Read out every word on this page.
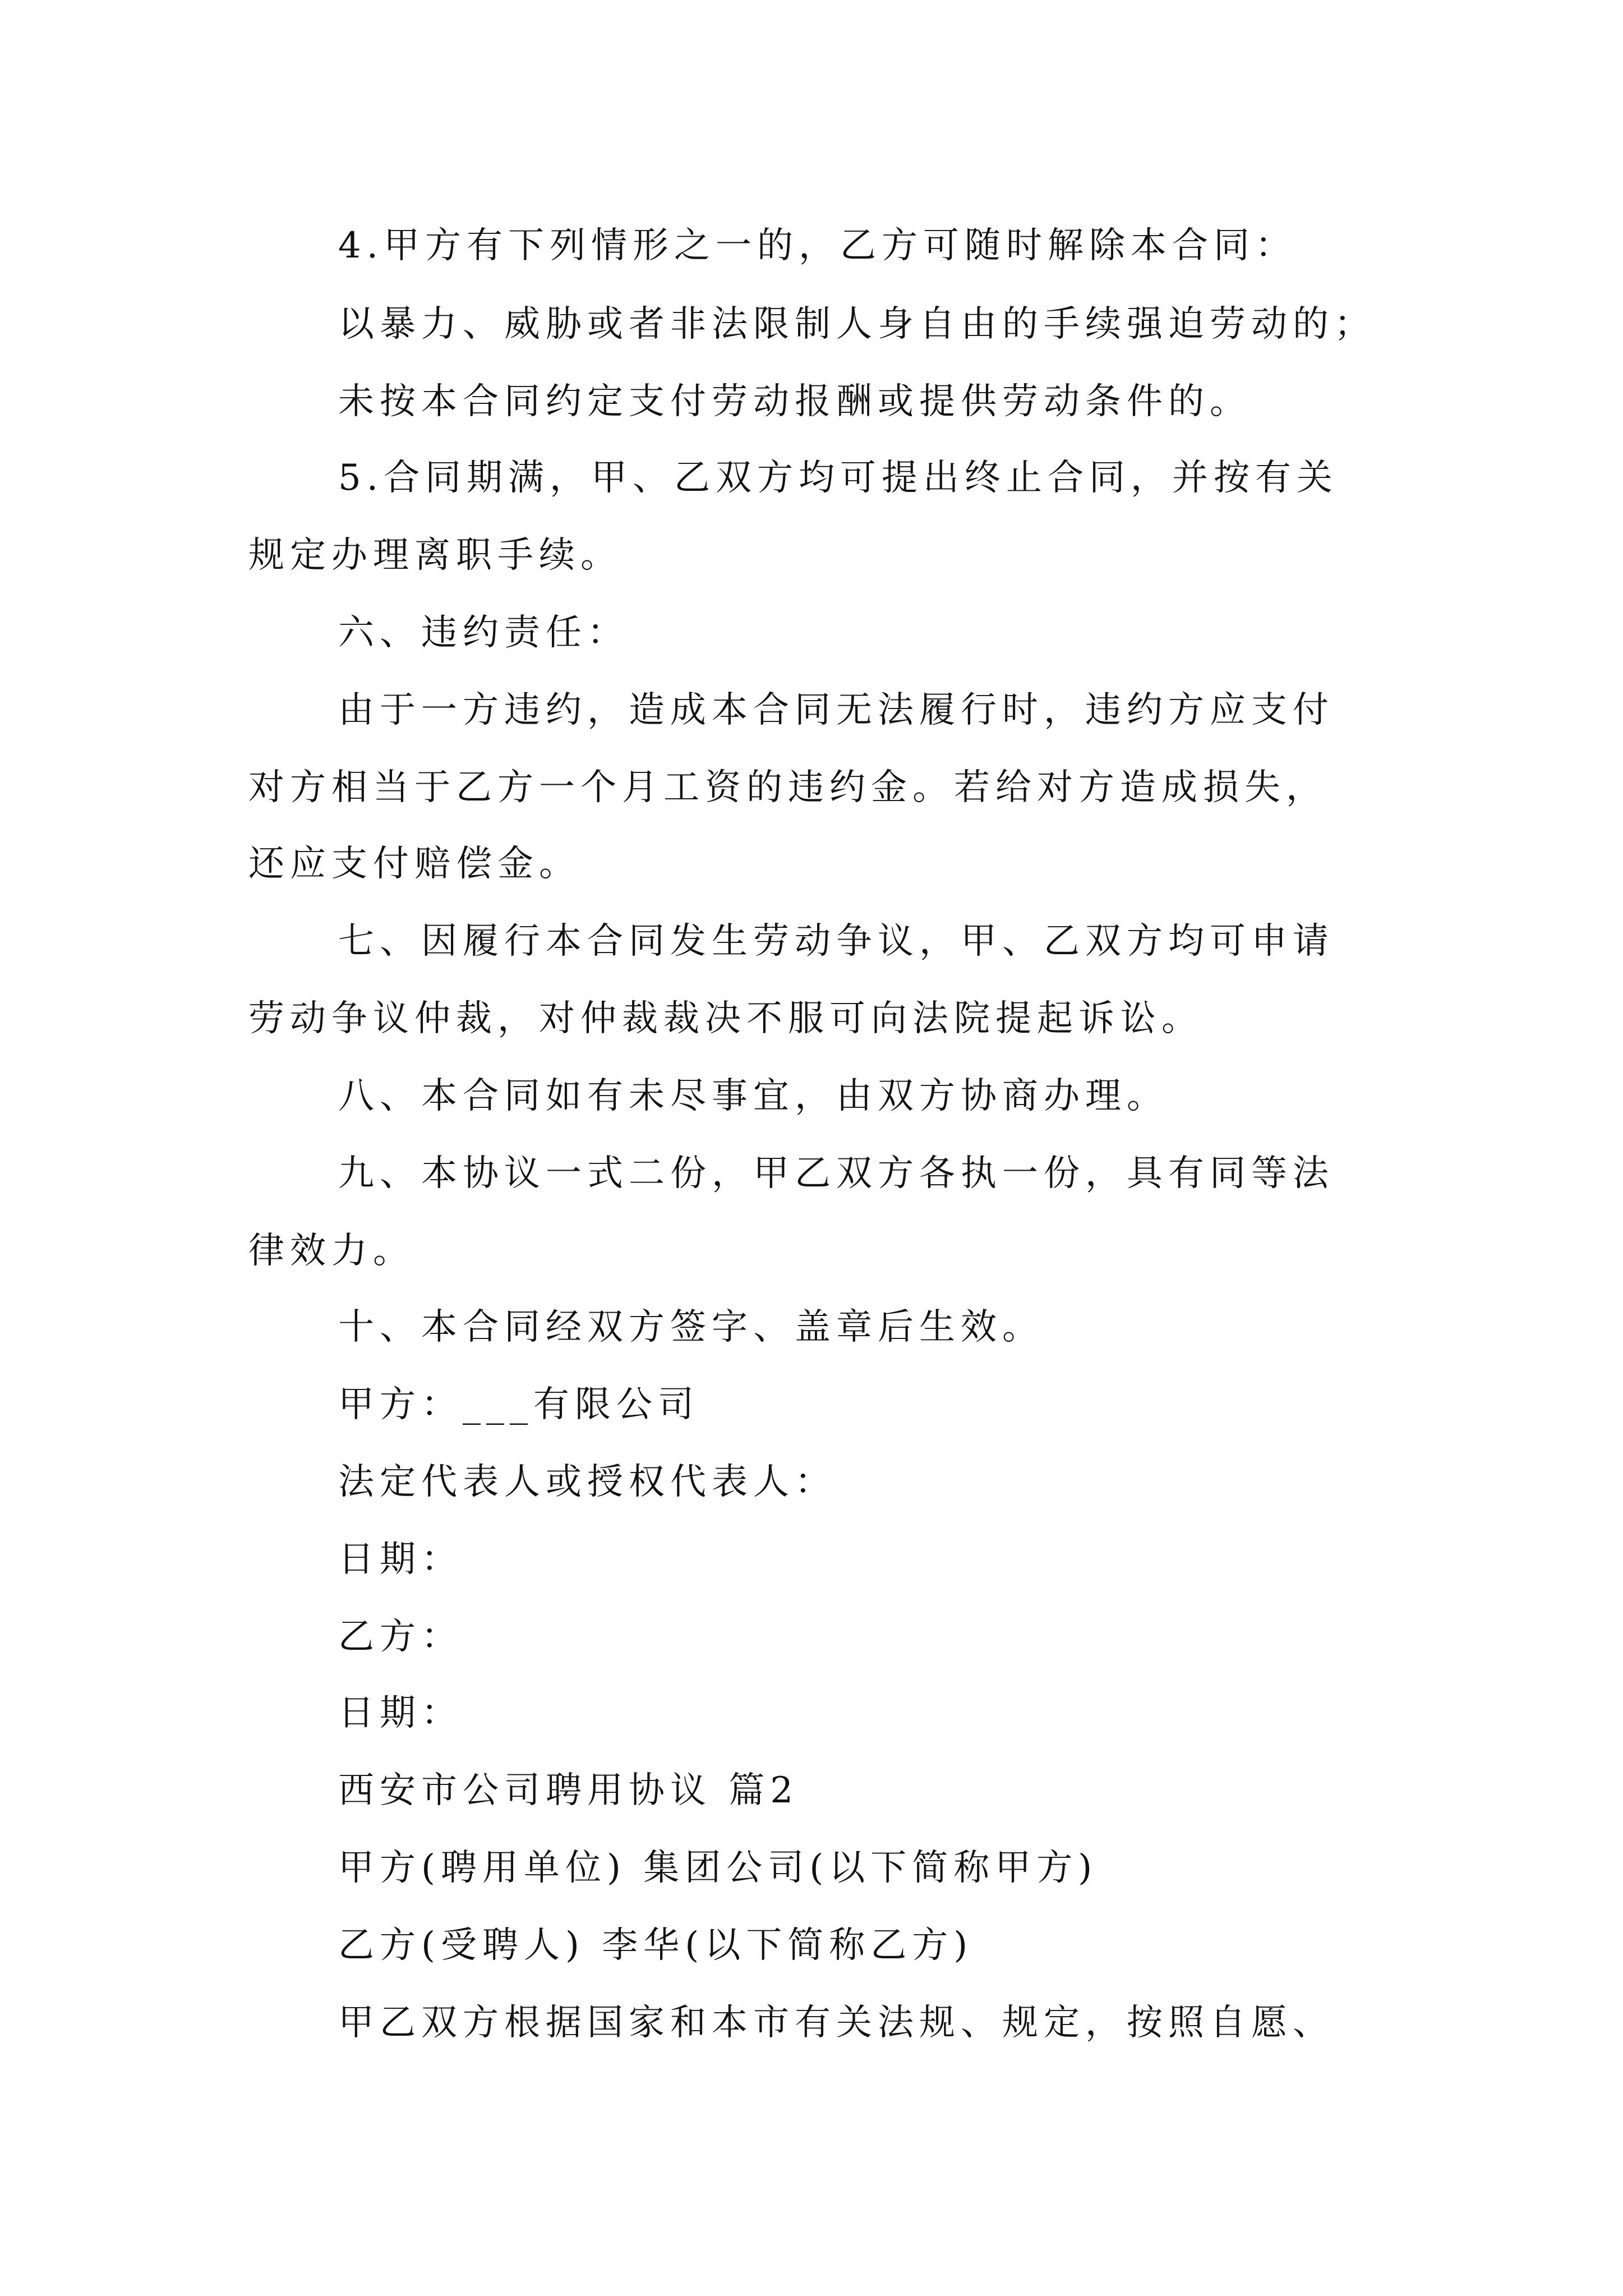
4.甲方有下列情形之一的，乙方可随时解除本合同：
以暴力、威胁或者非法限制人身自由的手续强迫劳动的；
未按本合同约定支付劳动报酬或提供劳动条件的。
5.合同期满，甲、乙双方均可提出终止合同，并按有关
规定办理离职手续。
六、违约责任：
由于一方违约，造成本合同无法履行时，违约方应支付
对方相当于乙方一个月工资的违约金。若给对方造成损失，
还应支付赔偿金。
七、因履行本合同发生劳动争议，甲、乙双方均可申请
劳动争议仲裁，对仲裁裁决不服可向法院提起诉讼。
八、本合同如有未尽事宜，由双方协商办理。
九、本协议一式二份，甲乙双方各执一份，具有同等法
律效力。
十、本合同经双方签字、盖章后生效。
甲方：___有限公司
法定代表人或授权代表人：
日期：
乙方：
日期：
西安市公司聘用协议 篇2
甲方(聘用单位) 集团公司(以下简称甲方)
乙方(受聘人) 李华(以下简称乙方)
甲乙双方根据国家和本市有关法规、规定，按照自愿、
